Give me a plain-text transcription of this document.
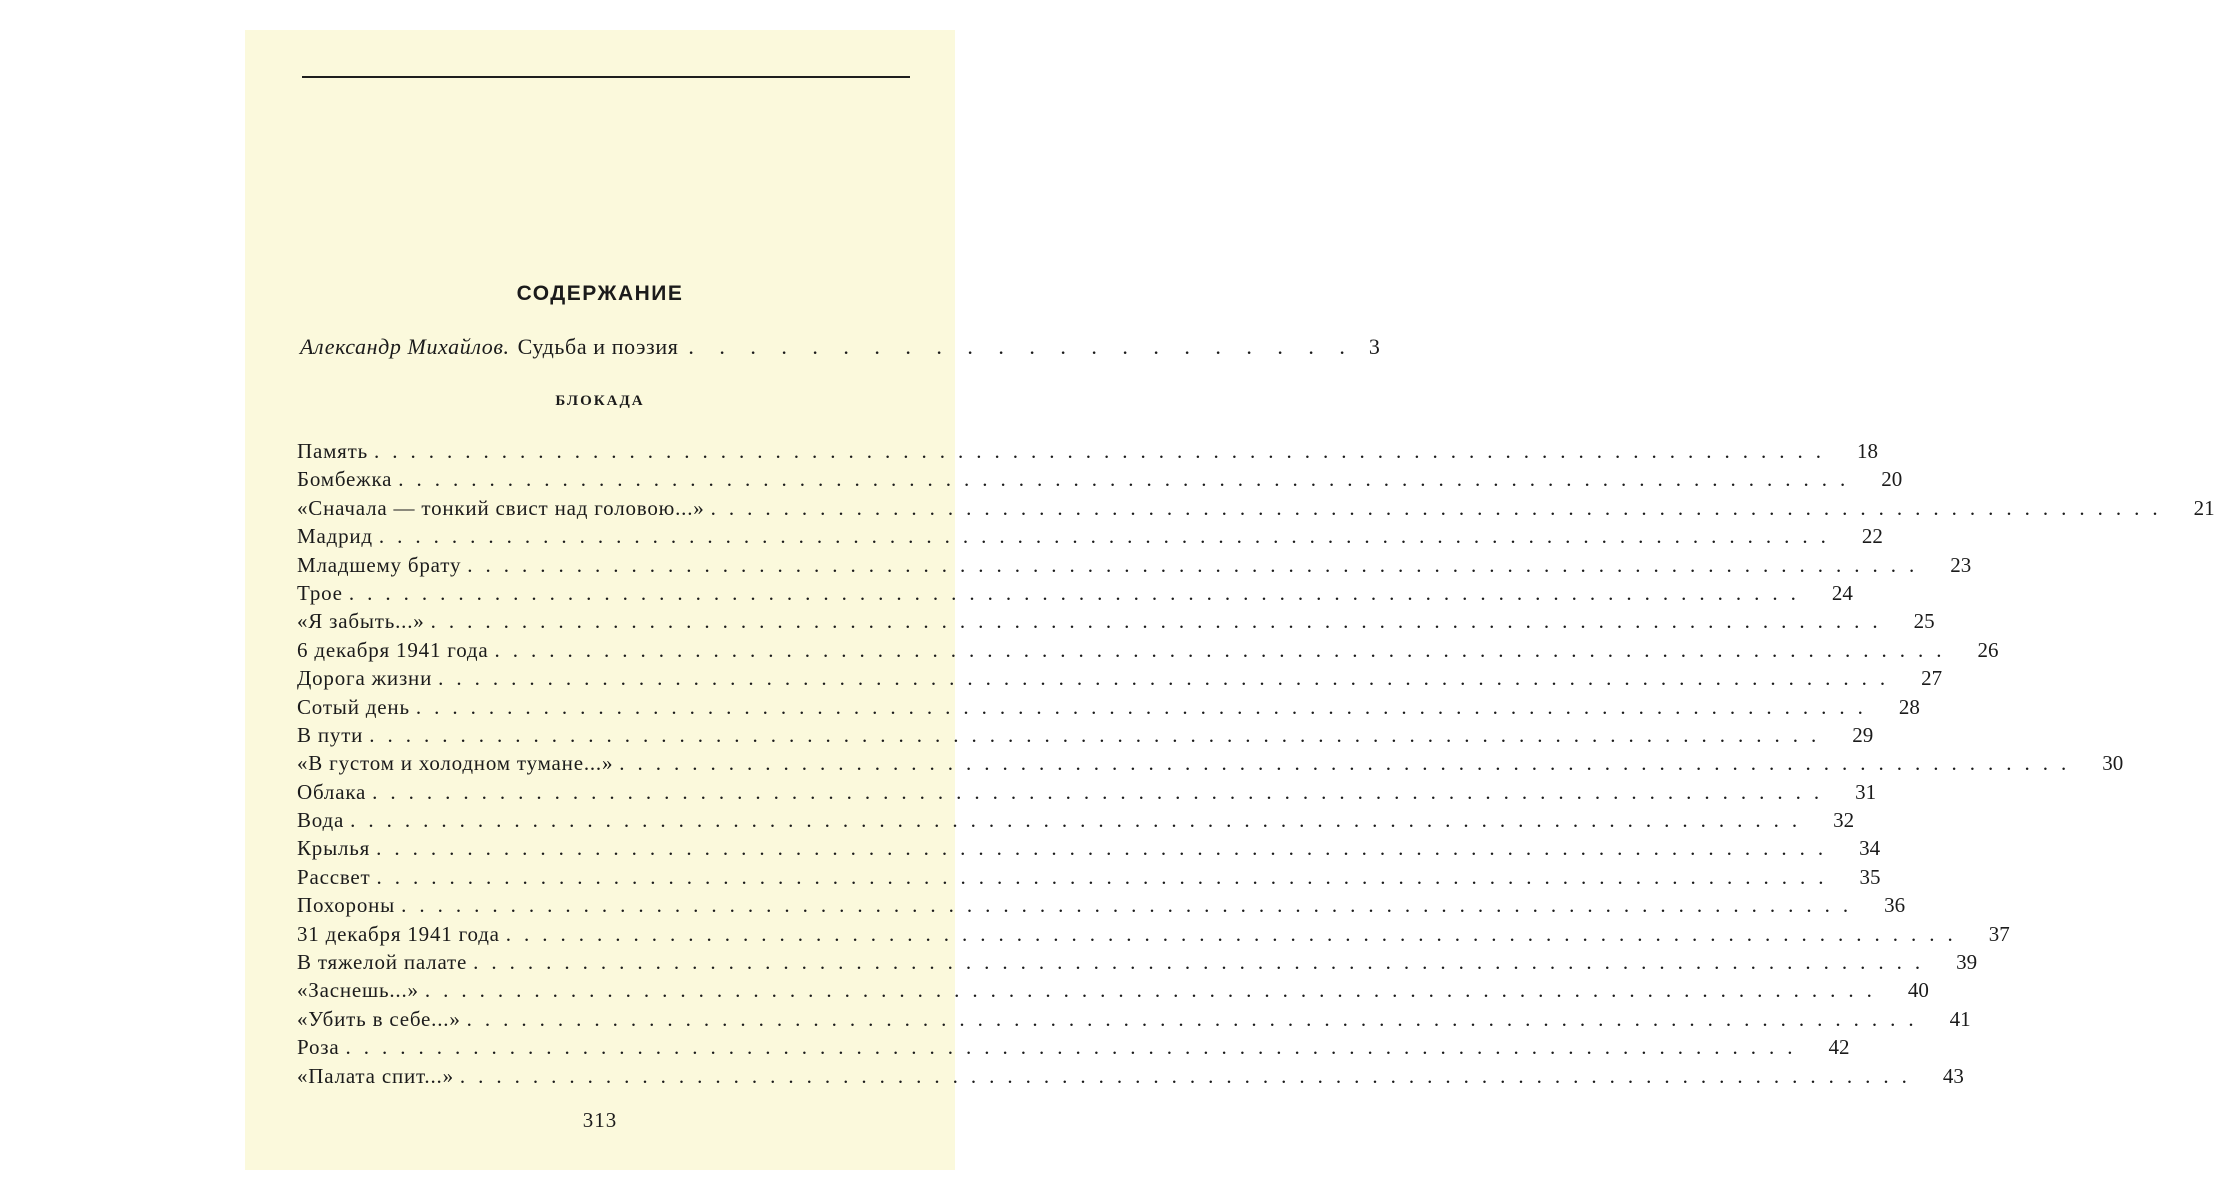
СОДЕРЖАНИЕ
Александр Михайлов. Судьба и поэзия . . . . . . . . . . . . . . . . . . . . . . 3
БЛОКАДА
Память ................................................................................	18
Бомбежка ................................................................................	20
«Сначала — тонкий свист над головою...» ................................................................................	21
Мадрид ................................................................................	22
Младшему брату ................................................................................	23
Трое ................................................................................	24
«Я забыть...» ................................................................................	25
6 декабря 1941 года ................................................................................	26
Дорога жизни ................................................................................	27
Сотый день ................................................................................	28
В пути ................................................................................	29
«В густом и холодном тумане...» ................................................................................	30
Облака ................................................................................	31
Вода ................................................................................	32
Крылья ................................................................................	34
Рассвет ................................................................................	35
Похороны ................................................................................	36
31 декабря 1941 года ................................................................................	37
В тяжелой палате ................................................................................	39
«Заснешь...» ................................................................................	40
«Убить в себе...» ................................................................................	41
Роза ................................................................................	42
«Палата спит...» ................................................................................	43
313
